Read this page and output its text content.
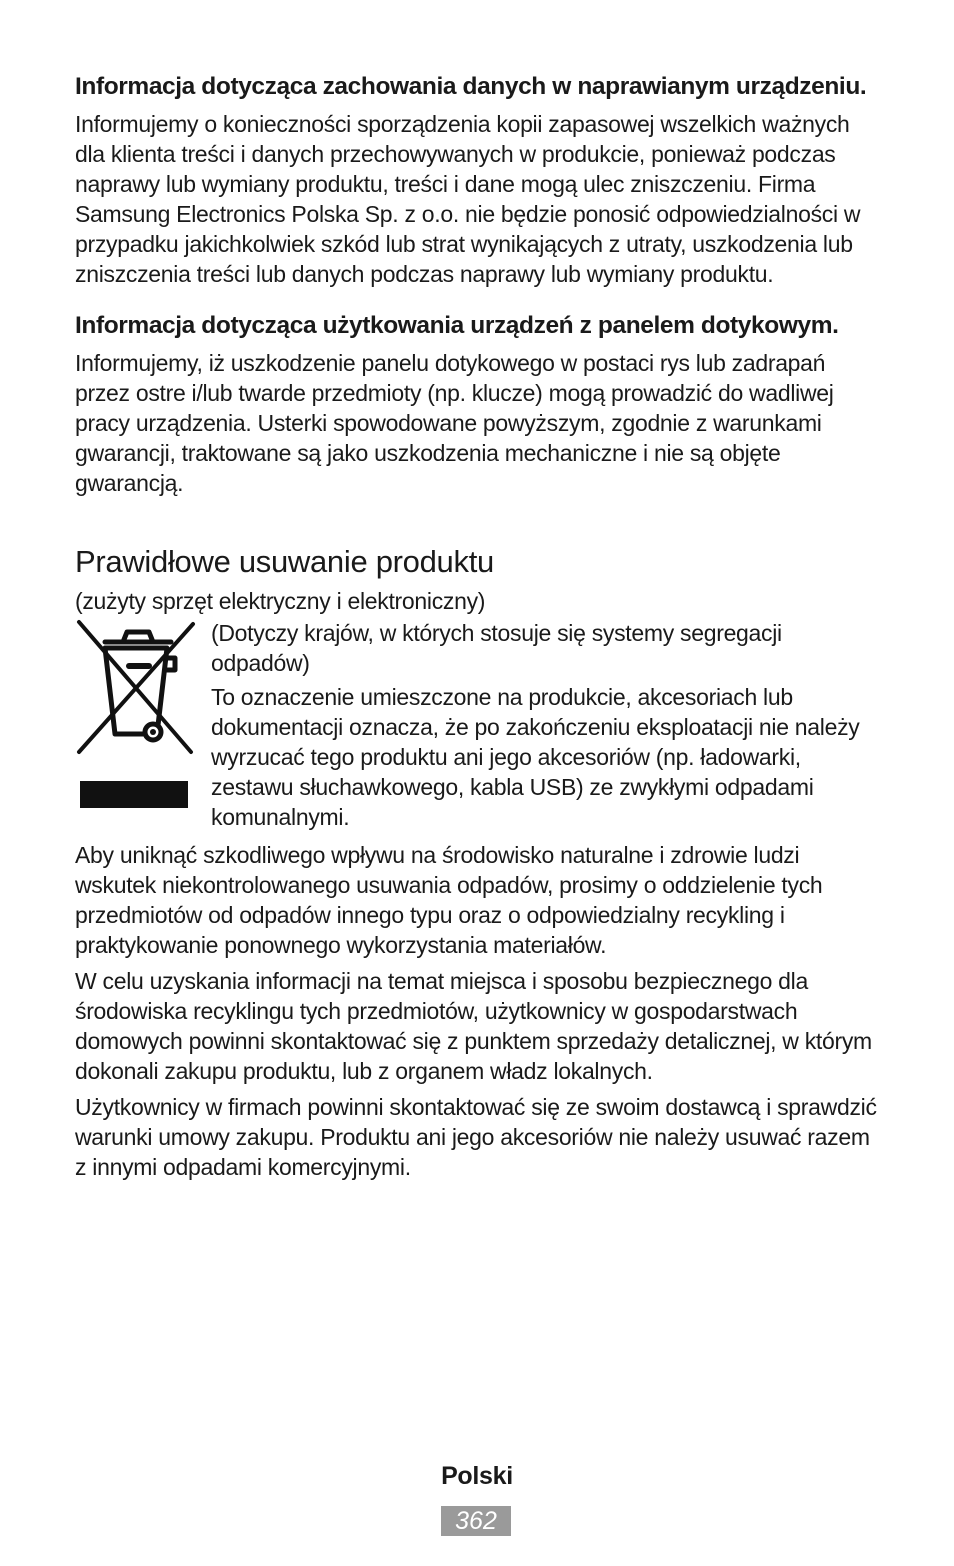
Informacja dotycząca zachowania danych w naprawianym urządzeniu.

Informujemy o konieczności sporządzenia kopii zapasowej wszelkich ważnych dla klienta treści i danych przechowywanych w produkcie, ponieważ podczas naprawy lub wymiany produktu, treści i dane mogą ulec zniszczeniu. Firma Samsung Electronics Polska Sp. z o.o. nie będzie ponosić odpowiedzialności w przypadku jakichkolwiek szkód lub strat wynikających z utraty, uszkodzenia lub zniszczenia treści lub danych podczas naprawy lub wymiany produktu.

Informacja dotycząca użytkowania urządzeń z panelem dotykowym.

Informujemy, iż uszkodzenie panelu dotykowego w postaci rys lub zadrapań przez ostre i/lub twarde przedmioty (np. klucze) mogą prowadzić do wadliwej pracy urządzenia. Usterki spowodowane powyższym, zgodnie z warunkami gwarancji, traktowane są jako uszkodzenia mechaniczne i nie są objęte gwarancją.

Prawidłowe usuwanie produktu

(zużyty sprzęt elektryczny i elektroniczny)

(Dotyczy krajów, w których stosuje się systemy segregacji odpadów)

To oznaczenie umieszczone na produkcie, akcesoriach lub dokumentacji oznacza, że po zakończeniu eksploatacji nie należy wyrzucać tego produktu ani jego akcesoriów (np. ładowarki, zestawu słuchawkowego, kabla USB) ze zwykłymi odpadami komunalnymi.

Aby uniknąć szkodliwego wpływu na środowisko naturalne i zdrowie ludzi wskutek niekontrolowanego usuwania odpadów, prosimy o oddzielenie tych przedmiotów od odpadów innego typu oraz o odpowiedzialny recykling i praktykowanie ponownego wykorzystania materiałów.

W celu uzyskania informacji na temat miejsca i sposobu bezpiecznego dla środowiska recyklingu tych przedmiotów, użytkownicy w gospodarstwach domowych powinni skontaktować się z punktem sprzedaży detalicznej, w którym dokonali zakupu produktu, lub z organem władz lokalnych.

Użytkownicy w firmach powinni skontaktować się ze swoim dostawcą i sprawdzić warunki umowy zakupu. Produktu ani jego akcesoriów nie należy usuwać razem z innymi odpadami komercyjnymi.

Polski
362
